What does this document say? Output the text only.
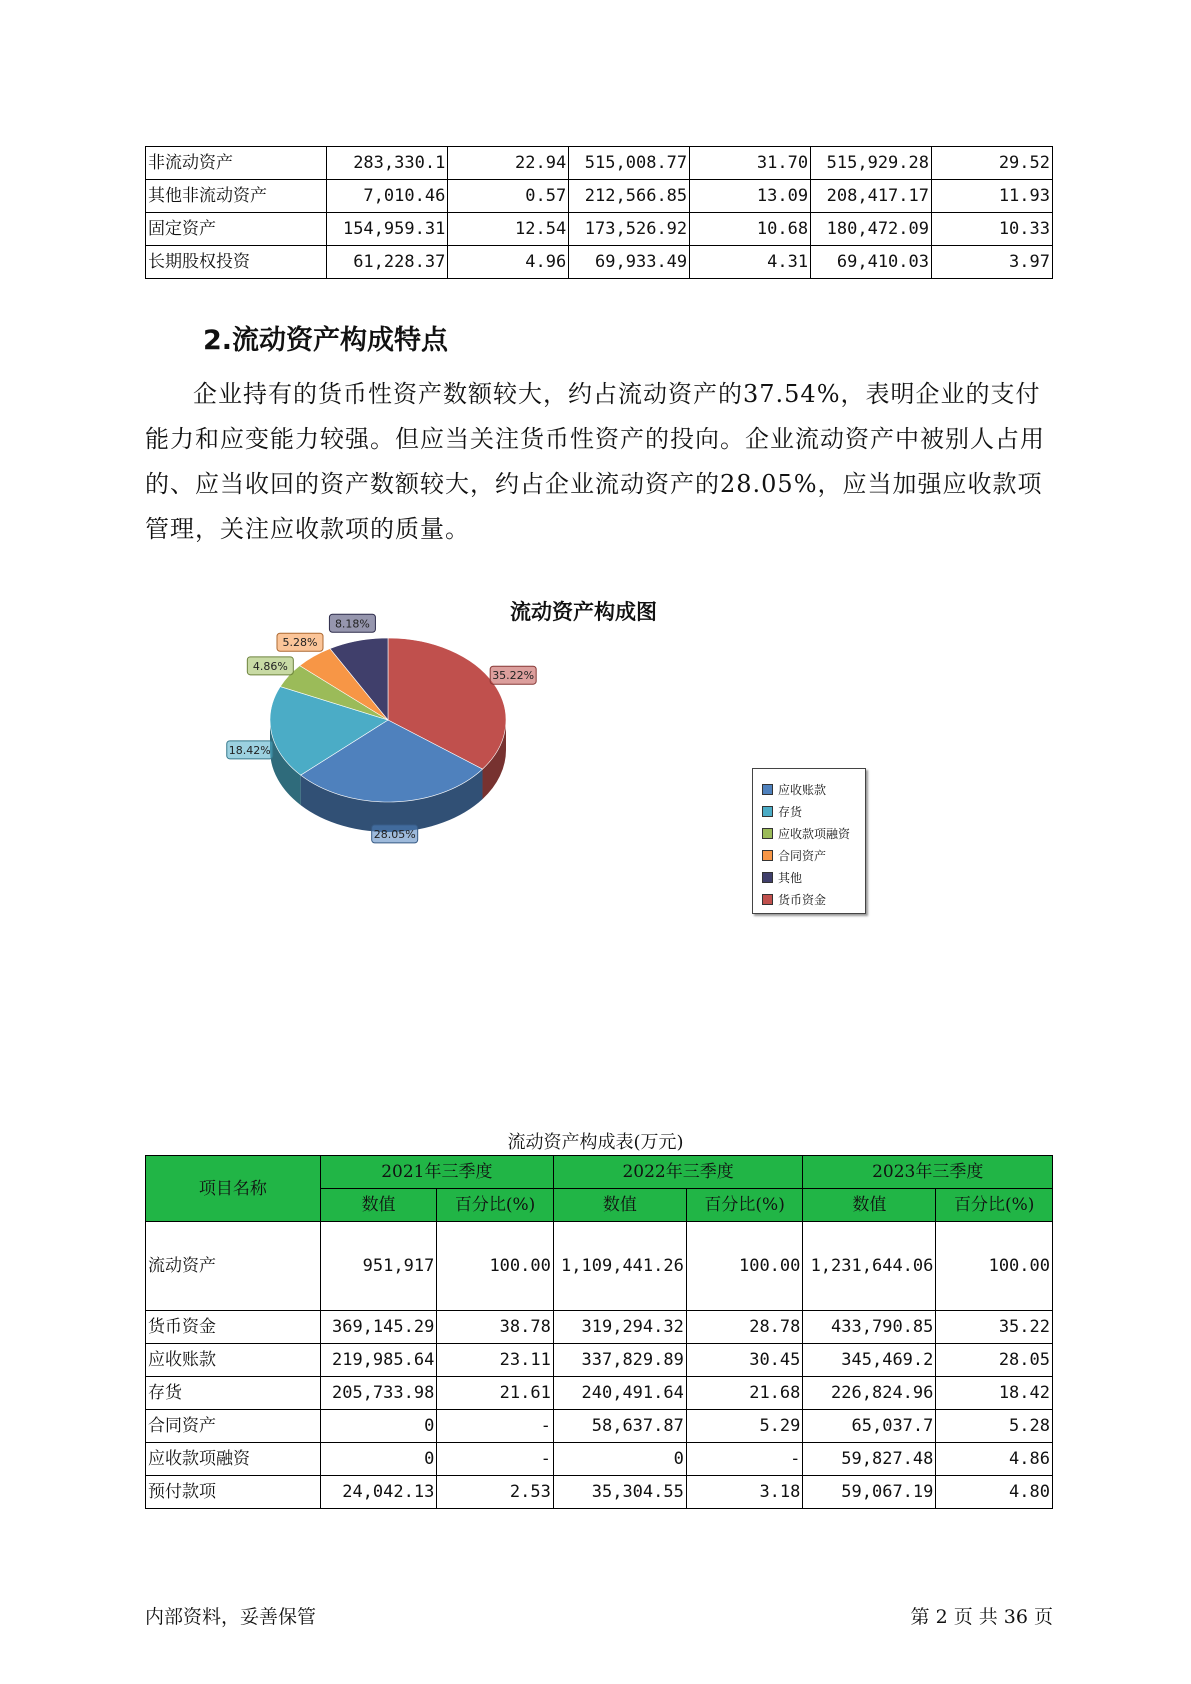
非流动资产	283,330.1	22.94	515,008.77	31.70	515,929.28	29.52
其他非流动资产	7,010.46	0.57	212,566.85	13.09	208,417.17	11.93
固定资产	154,959.31	12.54	173,526.92	10.68	180,472.09	10.33
长期股权投资	61,228.37	4.96	69,933.49	4.31	69,410.03	3.97
2.流动资产构成特点

企业持有的货币性资产数额较大，约占流动资产的37.54%，表明企业的支付能力和应变能力较强。但应当关注货币性资产的投向。企业流动资产中被别人占用的、应当收回的资产数额较大，约占企业流动资产的28.05%，应当加强应收款项管理，关注应收款项的质量。

流动资产构成图
35.22%
28.05%
18.42%
4.86%
5.28%
8.18%
应收账款
存货
应收款项融资
合同资产
其他
货币资金
流动资产构成表(万元)
项目名称	2021年三季度		2022年三季度		2023年三季度	
	数值	百分比(%)	数值	百分比(%)	数值	百分比(%)
流动资产	951,917	100.00	1,109,441.26	100.00	1,231,644.06	100.00
货币资金	369,145.29	38.78	319,294.32	28.78	433,790.85	35.22
应收账款	219,985.64	23.11	337,829.89	30.45	345,469.2	28.05
存货	205,733.98	21.61	240,491.64	21.68	226,824.96	18.42
合同资产	0	-	58,637.87	5.29	65,037.7	5.28
应收款项融资	0	-	0	-	59,827.48	4.86
预付款项	24,042.13	2.53	35,304.55	3.18	59,067.19	4.80
内部资料，妥善保管	第 2 页 共 36 页
